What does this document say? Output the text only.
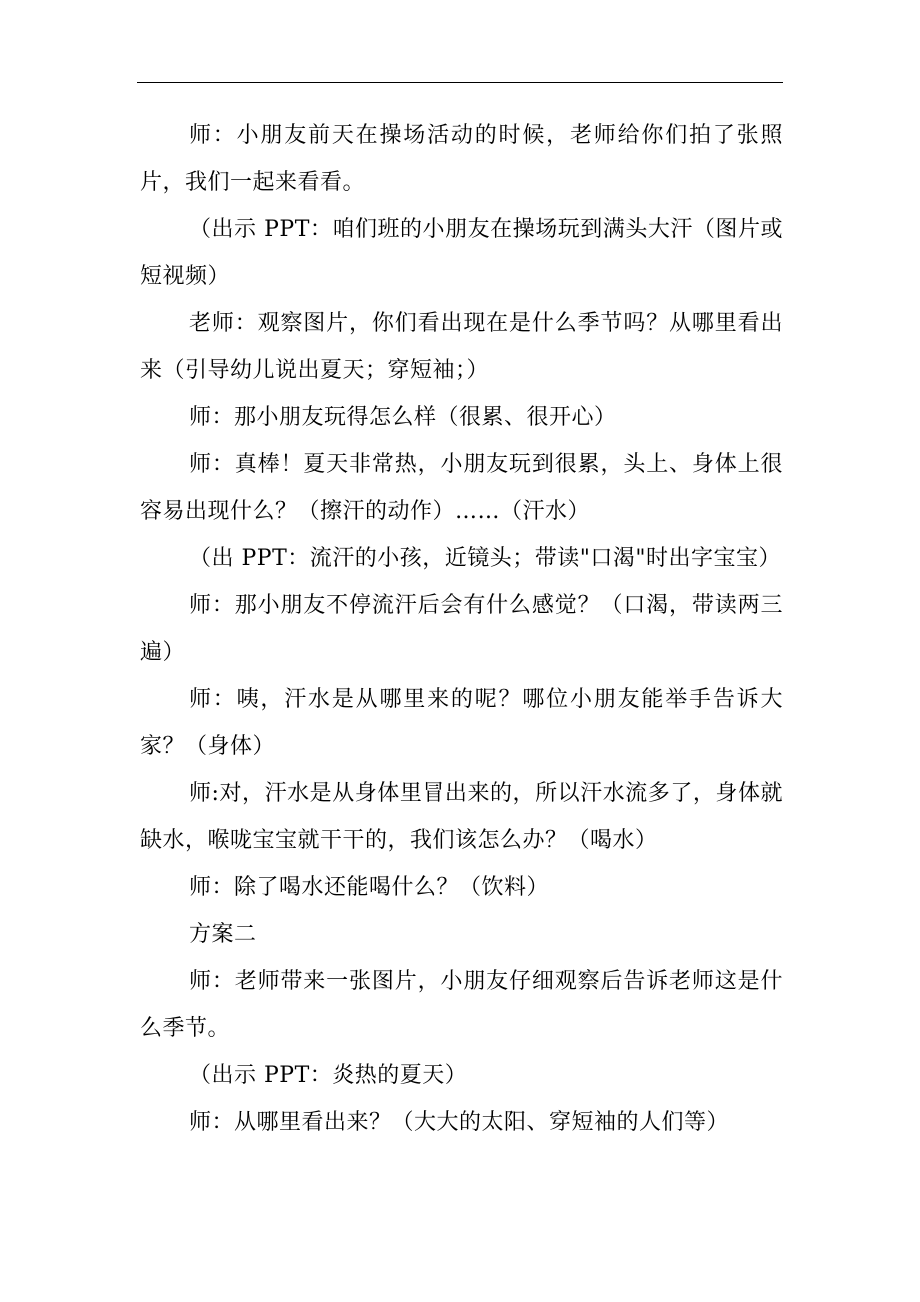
师：小朋友前天在操场活动的时候，老师给你们拍了张照片，我们一起来看看。

（出示 PPT：咱们班的小朋友在操场玩到满头大汗（图片或短视频）

老师：观察图片，你们看出现在是什么季节吗？从哪里看出来（引导幼儿说出夏天；穿短袖；）

师：那小朋友玩得怎么样（很累、很开心）

师：真棒！夏天非常热，小朋友玩到很累，头上、身体上很容易出现什么？（擦汗的动作）……（汗水）

（出 PPT：流汗的小孩，近镜头；带读"口渴"时出字宝宝）

师：那小朋友不停流汗后会有什么感觉？（口渴，带读两三遍）

师：咦，汗水是从哪里来的呢？哪位小朋友能举手告诉大家？（身体）

师:对，汗水是从身体里冒出来的，所以汗水流多了，身体就缺水，喉咙宝宝就干干的，我们该怎么办？（喝水）

师：除了喝水还能喝什么？（饮料）

方案二

师：老师带来一张图片，小朋友仔细观察后告诉老师这是什么季节。

（出示 PPT：炎热的夏天）

师：从哪里看出来？（大大的太阳、穿短袖的人们等）
